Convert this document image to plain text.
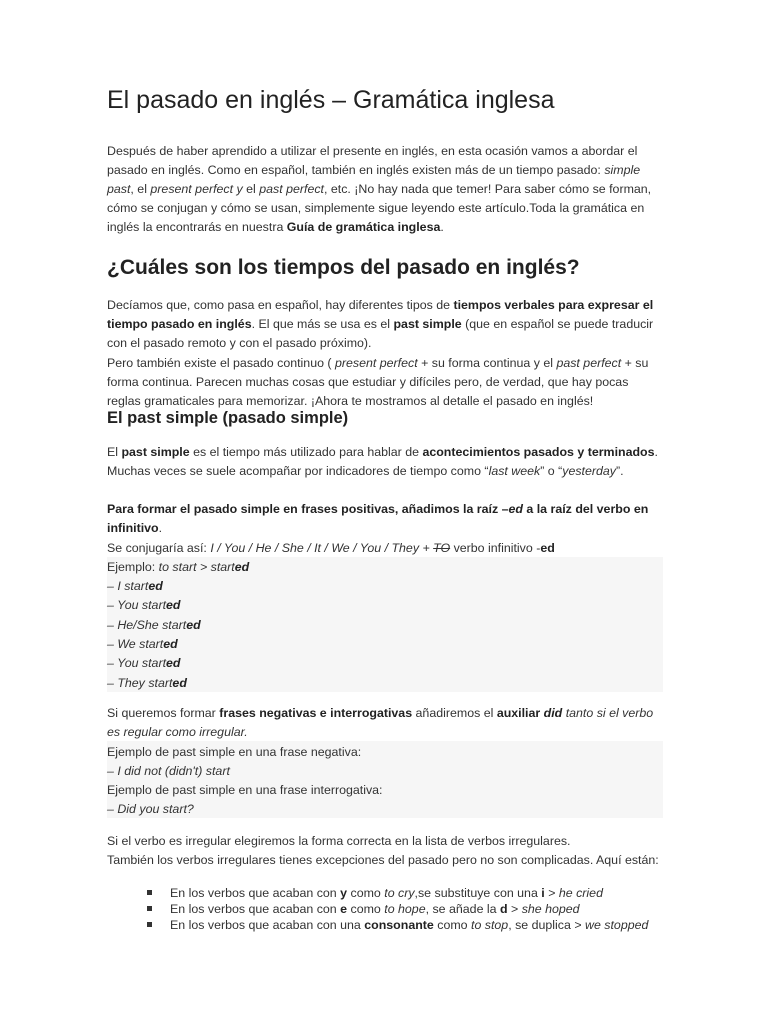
El pasado en inglés – Gramática inglesa

Después de haber aprendido a utilizar el presente en inglés, en esta ocasión vamos a abordar el pasado en inglés. Como en español, también en inglés existen más de un tiempo pasado: simple past, el present perfect y el past perfect, etc. ¡No hay nada que temer! Para saber cómo se forman, cómo se conjugan y cómo se usan, simplemente sigue leyendo este artículo.Toda la gramática en inglés la encontrarás en nuestra Guía de gramática inglesa.

¿Cuáles son los tiempos del pasado en inglés?

Decíamos que, como pasa en español, hay diferentes tipos de tiempos verbales para expresar el tiempo pasado en inglés. El que más se usa es el past simple (que en español se puede traducir con el pasado remoto y con el pasado próximo).

Pero también existe el pasado continuo ( present perfect + su forma continua y el past perfect + su forma continua. Parecen muchas cosas que estudiar y difíciles pero, de verdad, que hay pocas reglas gramaticales para memorizar. ¡Ahora te mostramos al detalle el pasado en inglés!

El past simple (pasado simple)

El past simple es el tiempo más utilizado para hablar de acontecimientos pasados y terminados. Muchas veces se suele acompañar por indicadores de tiempo como “last week” o “yesterday”.

Para formar el pasado simple en frases positivas, añadimos la raíz –ed a la raíz del verbo en infinitivo.

Se conjugaría así: I / You / He / She / It / We / You / They + TO verbo infinitivo -ed

Ejemplo: to start > started

– I started

– You started

– He/She started

– We started

– You started

– They started

Si queremos formar frases negativas e interrogativas añadiremos el auxiliar did tanto si el verbo es regular como irregular.

Ejemplo de past simple en una frase negativa:

– I did not (didn't) start

Ejemplo de past simple en una frase interrogativa:

– Did you start?

Si el verbo es irregular elegiremos la forma correcta en la lista de verbos irregulares.

También los verbos irregulares tienes excepciones del pasado pero no son complicadas. Aquí están:

En los verbos que acaban con y como to cry,se substituye con una i > he cried
En los verbos que acaban con e como to hope, se añade la d > she hoped
En los verbos que acaban con una consonante como to stop, se duplica > we stopped
